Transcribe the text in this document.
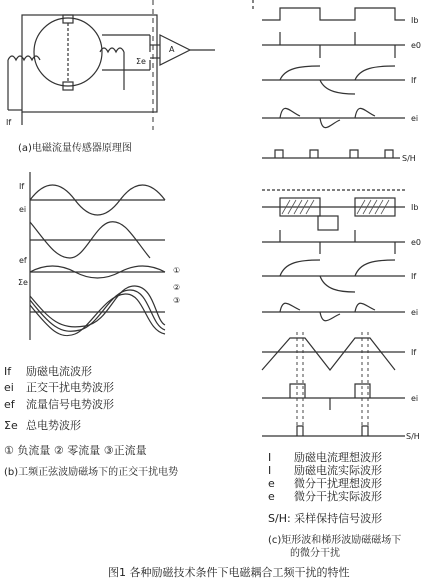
A
Σe
If
(a)电磁流量传感器原理图
If
ei
ef
Σe
①
②
③
If 励磁电流波形
ei 正交干扰电势波形
ef 流量信号电势波形
Σe 总电势波形
① 负流量 ② 零流量 ③正流量
(b)工频正弦波励磁场下的正交干扰电势
Ib
e0
If
ei
S/H
Ib
e0
If
ei
If
ei
S/H
I 励磁电流理想波形
I 励磁电流实际波形
e 微分干扰理想波形
e 微分干扰实际波形
S/H: 采样保持信号波形
(c)矩形波和梯形波励磁磁场下
的微分干扰
图1 各种励磁技术条件下电磁耦合工频干扰的特性
